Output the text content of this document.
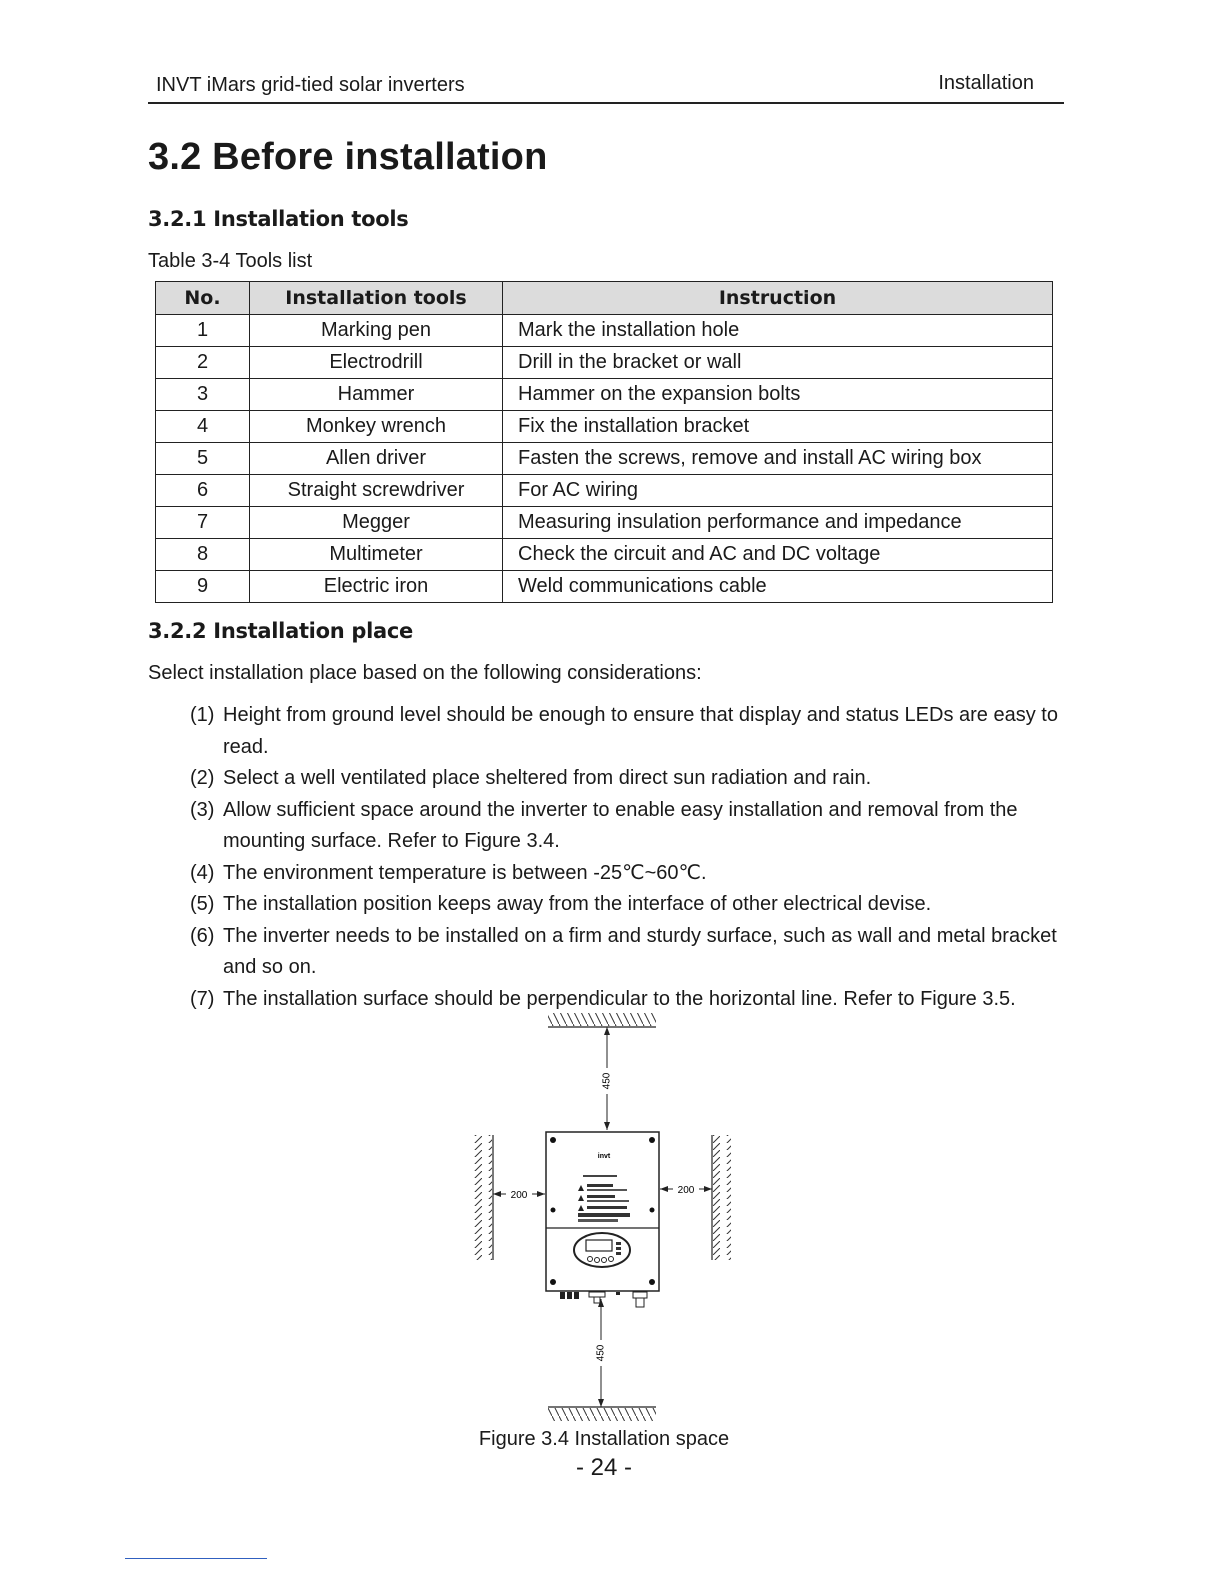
INVT iMars grid-tied solar inverters	Installation
3.2 Before installation
3.2.1 Installation tools
Table 3-4 Tools list
No.	Installation tools	Instruction
1	Marking pen	Mark the installation hole
2	Electrodrill	Drill in the bracket or wall
3	Hammer	Hammer on the expansion bolts
4	Monkey wrench	Fix the installation bracket
5	Allen driver	Fasten the screws, remove and install AC wiring box
6	Straight screwdriver	For AC wiring
7	Megger	Measuring insulation performance and impedance
8	Multimeter	Check the circuit and AC and DC voltage
9	Electric iron	Weld communications cable
3.2.2 Installation place
Select installation place based on the following considerations:
(1) Height from ground level should be enough to ensure that display and status LEDs are easy to read.
(2) Select a well ventilated place sheltered from direct sun radiation and rain.
(3) Allow sufficient space around the inverter to enable easy installation and removal from the mounting surface. Refer to Figure 3.4.
(4) The environment temperature is between -25℃~60℃.
(5) The installation position keeps away from the interface of other electrical devise.
(6) The inverter needs to be installed on a firm and sturdy surface, such as wall and metal bracket and so on.
(7) The installation surface should be perpendicular to the horizontal line. Refer to Figure 3.5.
450
200	200
invt
450
Figure 3.4 Installation space
- 24 -
